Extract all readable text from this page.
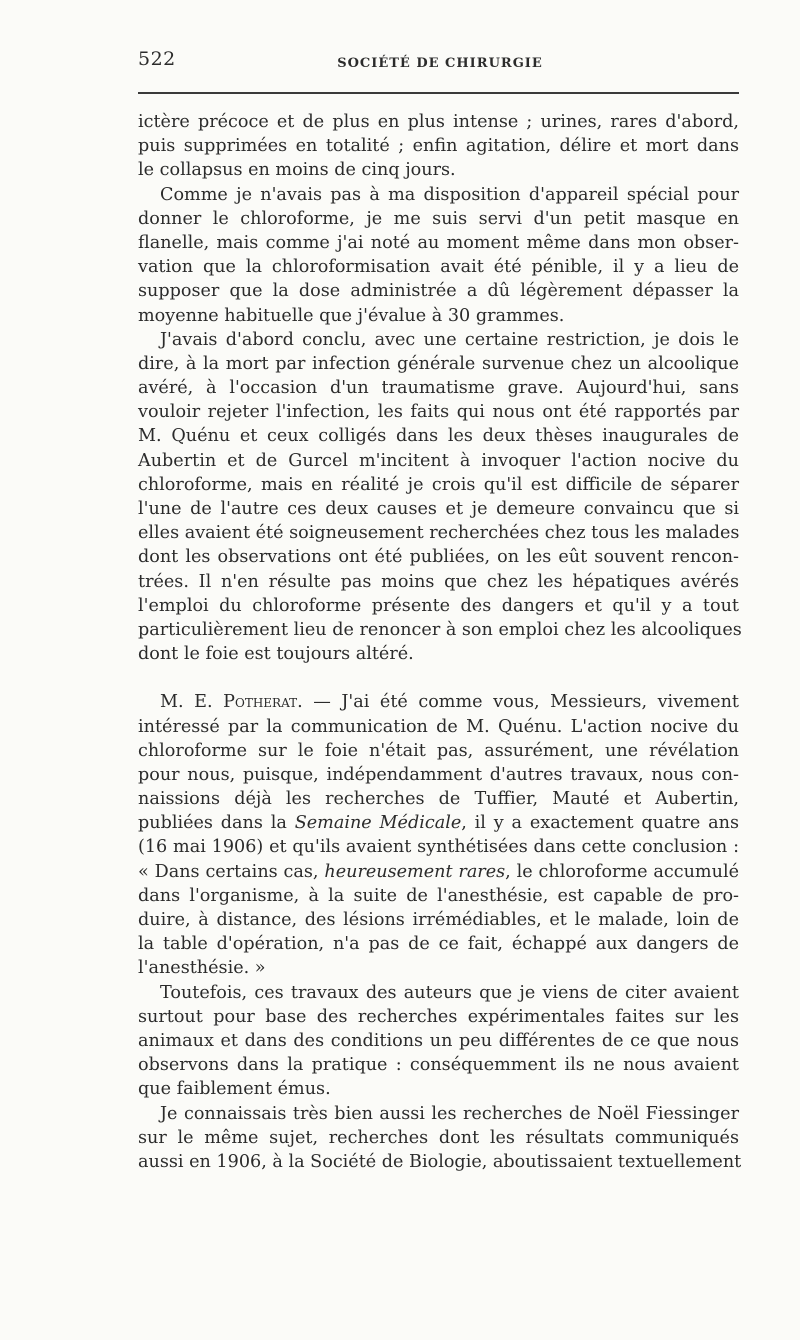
522	SOCIÉTÉ DE CHIRURGIE
ictère précoce et de plus en plus intense ; urines, rares d'abord,
puis supprimées en totalité ; enfin agitation, délire et mort dans
le collapsus en moins de cinq jours.
Comme je n'avais pas à ma disposition d'appareil spécial pour
donner le chloroforme, je me suis servi d'un petit masque en
flanelle, mais comme j'ai noté au moment même dans mon obser-
vation que la chloroformisation avait été pénible, il y a lieu de
supposer que la dose administrée a dû légèrement dépasser la
moyenne habituelle que j'évalue à 30 grammes.
J'avais d'abord conclu, avec une certaine restriction, je dois le
dire, à la mort par infection générale survenue chez un alcoolique
avéré, à l'occasion d'un traumatisme grave. Aujourd'hui, sans
vouloir rejeter l'infection, les faits qui nous ont été rapportés par
M. Quénu et ceux colligés dans les deux thèses inaugurales de
Aubertin et de Gurcel m'incitent à invoquer l'action nocive du
chloroforme, mais en réalité je crois qu'il est difficile de séparer
l'une de l'autre ces deux causes et je demeure convaincu que si
elles avaient été soigneusement recherchées chez tous les malades
dont les observations ont été publiées, on les eût souvent rencon-
trées. Il n'en résulte pas moins que chez les hépatiques avérés
l'emploi du chloroforme présente des dangers et qu'il y a tout
particulièrement lieu de renoncer à son emploi chez les alcooliques
dont le foie est toujours altéré.
M. E. Potherat. — J'ai été comme vous, Messieurs, vivement
intéressé par la communication de M. Quénu. L'action nocive du
chloroforme sur le foie n'était pas, assurément, une révélation
pour nous, puisque, indépendamment d'autres travaux, nous con-
naissions déjà les recherches de Tuffier, Mauté et Aubertin,
publiées dans la Semaine Médicale, il y a exactement quatre ans
(16 mai 1906) et qu'ils avaient synthétisées dans cette conclusion :
« Dans certains cas, heureusement rares, le chloroforme accumulé
dans l'organisme, à la suite de l'anesthésie, est capable de pro-
duire, à distance, des lésions irrémédiables, et le malade, loin de
la table d'opération, n'a pas de ce fait, échappé aux dangers de
l'anesthésie. »
Toutefois, ces travaux des auteurs que je viens de citer avaient
surtout pour base des recherches expérimentales faites sur les
animaux et dans des conditions un peu différentes de ce que nous
observons dans la pratique : conséquemment ils ne nous avaient
que faiblement émus.
Je connaissais très bien aussi les recherches de Noël Fiessinger
sur le même sujet, recherches dont les résultats communiqués
aussi en 1906, à la Société de Biologie, aboutissaient textuellement
